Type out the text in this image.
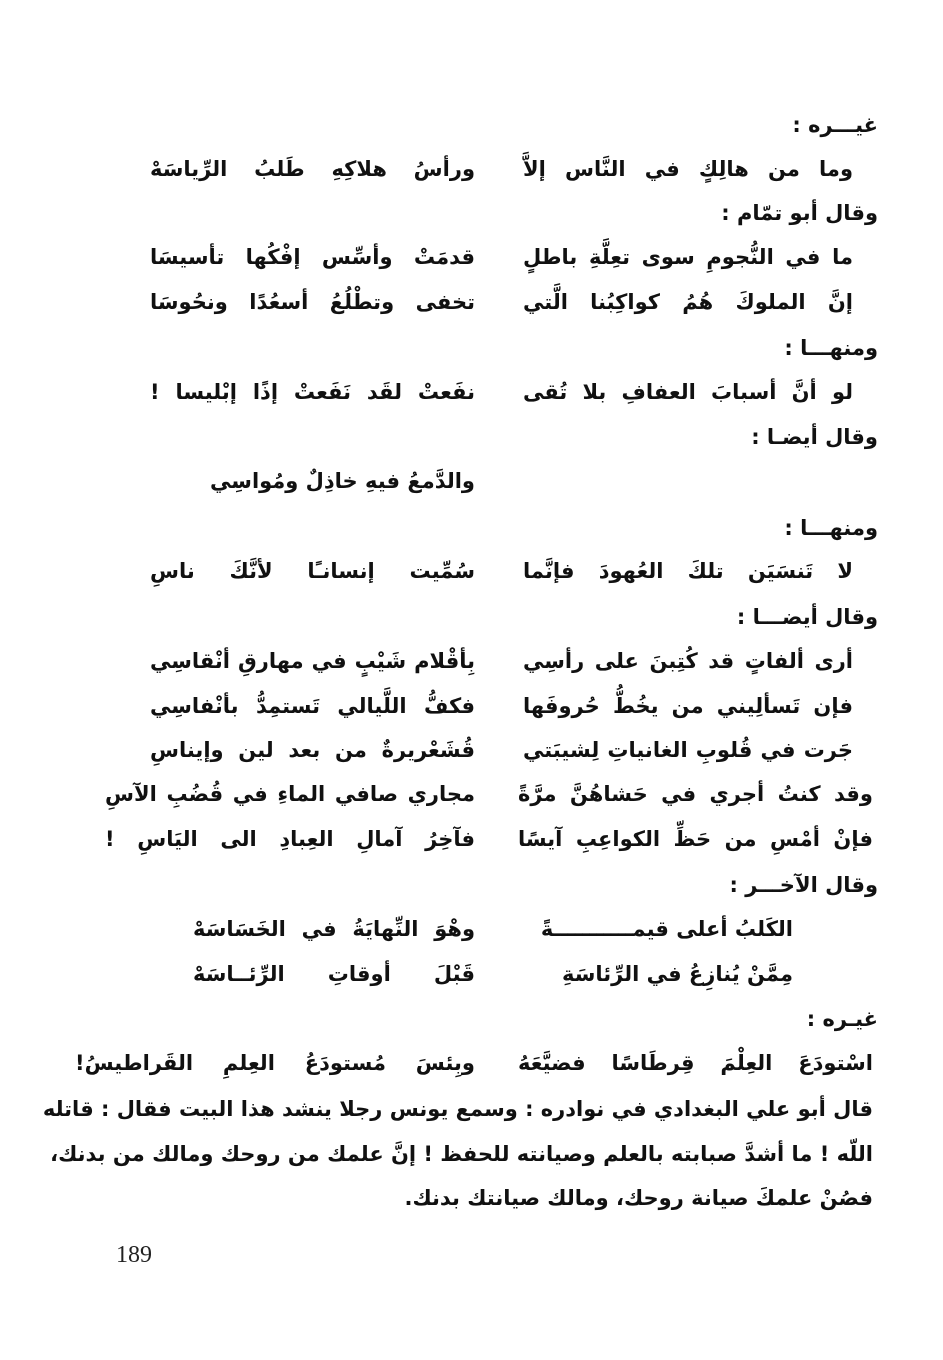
غيـــره :
وما من هالِكٍ في النَّاس إلاَّ
ورأسُ هلاكِهِ طَلبُ الرِّياسَهْ
وقال أبو تمّام :
ما في النُّجومِ سوى تعِلَّةِ باطلٍ
قدمَتْ وأسِّس إفْكُها تأسيسَا
إنَّ الملوكَ هُمُ كواكِبُنا الَّتي
تخفى وتطْلُعُ أسعُدًا ونحُوسَا
ومنهـــا :
لو أنَّ أسبابَ العفافِ بلا تُقى
نفَعتْ لقَد نَفَعتْ إذًا إبْليسا !
وقال أيضـا :
والدَّمعُ فيهِ خاذِلٌ ومُواسِي
ومنهـــا :
لا تَنسَيَن تلكَ العُهودَ فإنَّما
سُمِّيت إنسانـًا لأنَّكَ ناسِ
وقال أيضـــا :
أرى ألفاتٍ قد كُتِبنَ على رأسِي
بِأقْلام شَيْبٍ في مهارقِ أنْقاسِي
فإن تَسألِيني من يخُطُّ حُروفَها
فكفُّ اللَّيالي تَستمِدُّ بأنْفاسِي
جَرت في قُلوبِ الغانياتِ لِشيبَتي
قُشَعْريرةٌ من بعد لين وإيناسِ
وقد كنتُ أجري في حَشاهُنَّ مرَّةً
مجاري صافي الماءِ في قُضُبِ الآسِ
فإنْ أمْسِ من حَظِّ الكواعِبِ آيسًا
فآخِرُ آمالِ العِبادِ الى اليَاسِ !
وقال الآخـــر :
الكَلبُ أعلى قيمـــــــــــةً
وهْوَ النِّهايَةُ في الخَسَاسَهْ
مِمَّنْ يُنازِعُ في الرِّئاسَةِ
قَبْلَ أوقاتِ الرِّئــاسَهْ
غيـره :
اسْتودَعَ العِلْمَ قِرطَاسًا فضيَّعَهُ
وبِئسَ مُستودَعُ العِلمِ القَراطيسُ!
قال أبو علي البغدادي في نوادره : وسمع يونس رجلا ينشد هذا البيت فقال : قاتله
اللّه ! ما أشدَّ صبابته بالعلم وصيانته للحفظ ! إنَّ علمك من روحك ومالك من بدنك،
فصُنْ علمكَ صيانة روحك، ومالك صيانتك بدنك.
189
